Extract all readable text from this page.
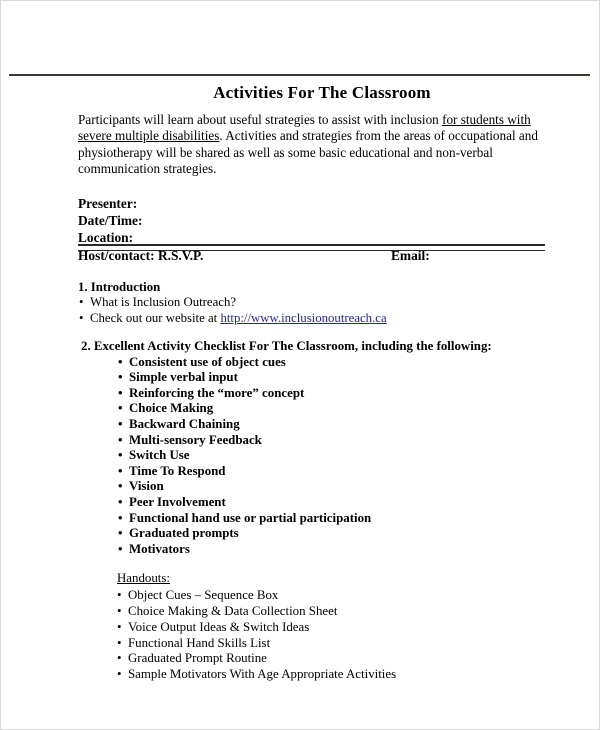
Activities For The Classroom

Participants will learn about useful strategies to assist with inclusion for students with severe multiple disabilities. Activities and strategies from the areas of occupational and physiotherapy will be shared as well as some basic educational and non-verbal communication strategies.

Presenter:
Date/Time:
Location:
Host/contact: R.S.V.P.	Email:
1. Introduction
• What is Inclusion Outreach?
• Check out our website at http://www.inclusionoutreach.ca
2. Excellent Activity Checklist For The Classroom, including the following:
• Consistent use of object cues
• Simple verbal input
• Reinforcing the “more” concept
• Choice Making
• Backward Chaining
• Multi-sensory Feedback
• Switch Use
• Time To Respond
• Vision
• Peer Involvement
• Functional hand use or partial participation
• Graduated prompts
• Motivators
Handouts:
• Object Cues – Sequence Box
• Choice Making & Data Collection Sheet
• Voice Output Ideas & Switch Ideas
• Functional Hand Skills List
• Graduated Prompt Routine
• Sample Motivators With Age Appropriate Activities
